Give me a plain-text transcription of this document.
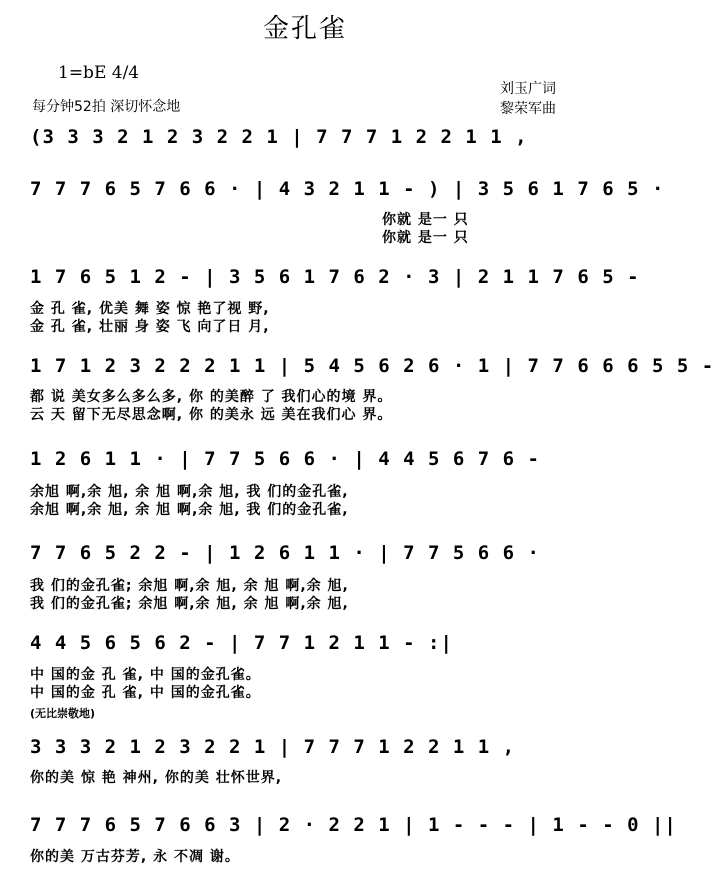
金孔雀
1=bE 4/4
每分钟52拍 深切怀念地
刘玉广词
黎荣军曲
(3 3 3 2 1 2 3 2 2 1 | 7 7 7 1 2 2 1 1 ,
7 7 7 6 5 7 6 6 · | 4 3 2 1 1 - ) | 3 5 6 1 7 6 5 ·
你就 是一 只
你就 是一 只
1 7 6 5 1 2 - | 3 5 6 1 7 6 2 · 3 | 2 1 1 7 6 5 -
金 孔 雀, 优美 舞 姿 惊 艳了视 野,
金 孔 雀, 壮丽 身 姿 飞 向了日 月,
1 7 1 2 3 2 2 2 1 1 | 5 4 5 6 2 6 · 1 | 7 7 6 6 6 5 5 -
都 说 美女多么多么多, 你 的美醉 了 我们心的境 界。
云 天 留下无尽思念啊, 你 的美永 远 美在我们心 界。
1 2 6 1 1 · | 7 7 5 6 6 · | 4 4 5 6 7 6 -
余旭 啊,余 旭, 余 旭 啊,余 旭, 我 们的金孔雀,
余旭 啊,余 旭, 余 旭 啊,余 旭, 我 们的金孔雀,
7 7 6 5 2 2 - | 1 2 6 1 1 · | 7 7 5 6 6 ·
我 们的金孔雀; 余旭 啊,余 旭, 余 旭 啊,余 旭,
我 们的金孔雀; 余旭 啊,余 旭, 余 旭 啊,余 旭,
4 4 5 6 5 6 2 - | 7 7 1 2 1 1 - :|
中 国的金 孔 雀, 中 国的金孔雀。
中 国的金 孔 雀, 中 国的金孔雀。
(无比崇敬地)
3 3 3 2 1 2 3 2 2 1 | 7 7 7 1 2 2 1 1 ,
你的美 惊 艳 神州, 你的美 壮怀世界,
7 7 7 6 5 7 6 6 3 | 2 · 2 2 1 | 1 - - - | 1 - - 0 ||
你的美 万古芬芳, 永 不凋 谢。
